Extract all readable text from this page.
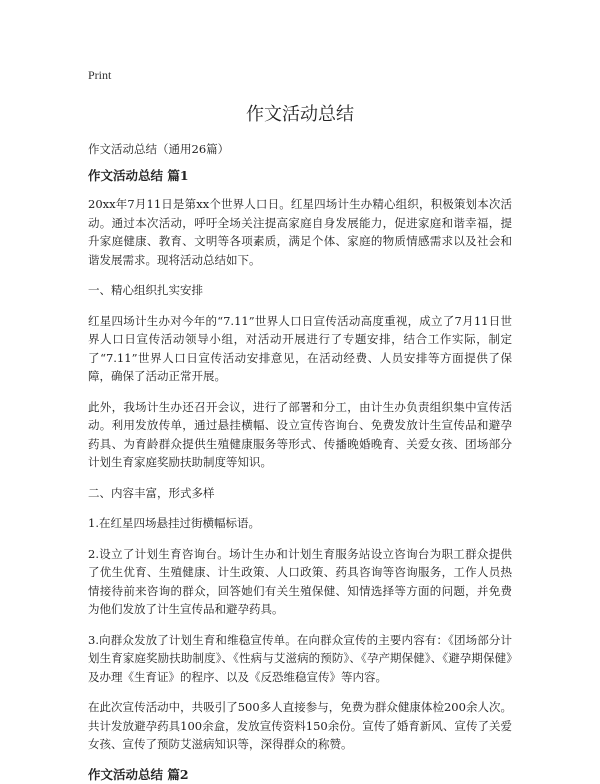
Print
作文活动总结
作文活动总结（通用26篇）
作文活动总结 篇1

20xx年7月11日是第xx个世界人口日。红星四场计生办精心组织，积极策划本次活动。通过本次活动，呼吁全场关注提高家庭自身发展能力，促进家庭和谐幸福，提升家庭健康、教育、文明等各项素质，满足个体、家庭的物质情感需求以及社会和谐发展需求。现将活动总结如下。

一、精心组织扎实安排

红星四场计生办对今年的“7.11”世界人口日宣传活动高度重视，成立了7月11日世界人口日宣传活动领导小组，对活动开展进行了专题安排，结合工作实际，制定了“7.11”世界人口日宣传活动安排意见，在活动经费、人员安排等方面提供了保障，确保了活动正常开展。

此外，我场计生办还召开会议，进行了部署和分工，由计生办负责组织集中宣传活动。利用发放传单，通过悬挂横幅、设立宣传咨询台、免费发放计生宣传品和避孕药具、为育龄群众提供生殖健康服务等形式、传播晚婚晚育、关爱女孩、团场部分计划生育家庭奖励扶助制度等知识。

二、内容丰富，形式多样

1.在红星四场悬挂过街横幅标语。

2.设立了计划生育咨询台。场计生办和计划生育服务站设立咨询台为职工群众提供了优生优育、生殖健康、计生政策、人口政策、药具咨询等咨询服务，工作人员热情接待前来咨询的群众，回答她们有关生殖保健、知情选择等方面的问题，并免费为他们发放了计生宣传品和避孕药具。

3.向群众发放了计划生育和维稳宣传单。在向群众宣传的主要内容有：《团场部分计划生育家庭奖励扶助制度》、《性病与艾滋病的预防》、《孕产期保健》、《避孕期保健》及办理《生育证》的程序、以及《反恐维稳宣传》等内容。

在此次宣传活动中，共吸引了500多人直接参与，免费为群众健康体检200余人次。共计发放避孕药具100余盒，发放宣传资料150余份。宣传了婚育新风、宣传了关爱女孩、宣传了预防艾滋病知识等，深得群众的称赞。

作文活动总结 篇2
